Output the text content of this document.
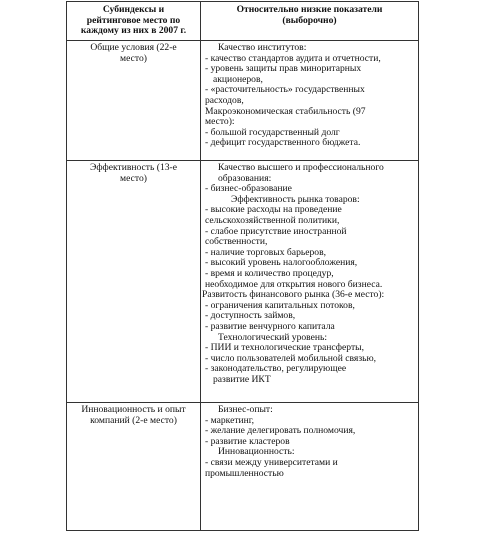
Субиндексы и
рейтинговое место по
каждому из них в 2007 г.
Относительно низкие показатели
(выборочно)
Общие условия (22-е
место)
Качество институтов:
- качество стандартов аудита и отчетности,
- уровень защиты прав миноритарных
акционеров,
- «расточительность» государственных
расходов,
Макроэкономическая стабильность (97
место):
- большой государственный долг
- дефицит государственного бюджета.
Эффективность (13-е
место)
Качество высшего и профессионального
образования:
- бизнес-образование
Эффективность рынка товаров:
- высокие расходы на проведение
сельскохозяйственной политики,
- слабое присутствие иностранной
собственности,
- наличие торговых барьеров,
- высокий уровень налогообложения,
- время и количество процедур,
необходимое для открытия нового бизнеса.
Развитость финансового рынка (36-е место):
- ограничения капитальных потоков,
- доступность займов,
- развитие венчурного капитала
Технологический уровень:
- ПИИ и технологические трансферты,
- число пользователей мобильной связью,
- законодательство, регулирующее
развитие ИКТ
Инновационность и опыт
компаний (2-е место)
Бизнес-опыт:
- маркетинг,
- желание делегировать полномочия,
- развитие кластеров
Инновационность:
- связи между университетами и
промышленностью
